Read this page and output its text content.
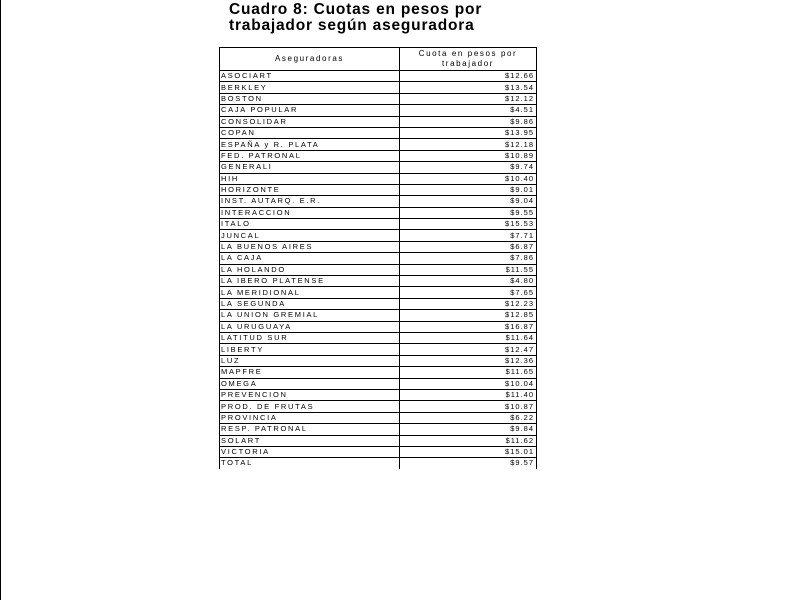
Cuadro 8: Cuotas en pesos por
trabajador según aseguradora
Aseguradoras	Cuota en pesos por
trabajador

ASOCIART	$12.66
BERKLEY	$13.54
BOSTON	$12.12
CAJA POPULAR	$4.51
CONSOLIDAR	$9.86
COPAN	$13.95
ESPAÑA y R. PLATA	$12.18
FED. PATRONAL	$10.89
GENERALI	$9.74
HIH	$10.40
HORIZONTE	$9.01
INST. AUTARQ. E.R.	$9.04
INTERACCION	$9.55
ITALO	$15.53
JUNCAL	$7.71
LA BUENOS AIRES	$6.87
LA CAJA	$7.86
LA HOLANDO	$11.55
LA IBERO PLATENSE	$4.80
LA MERIDIONAL	$7.65
LA SEGUNDA	$12.23
LA UNION GREMIAL	$12.85
LA URUGUAYA	$16.87
LATITUD SUR	$11.64
LIBERTY	$12.47
LUZ	$12.36
MAPFRE	$11.65
OMEGA	$10.04
PREVENCION	$11.40
PROD. DE FRUTAS	$10.87
PROVINCIA	$6.22
RESP. PATRONAL	$9.84
SOLART	$11.62
VICTORIA	$15.01
TOTAL	$9.57
